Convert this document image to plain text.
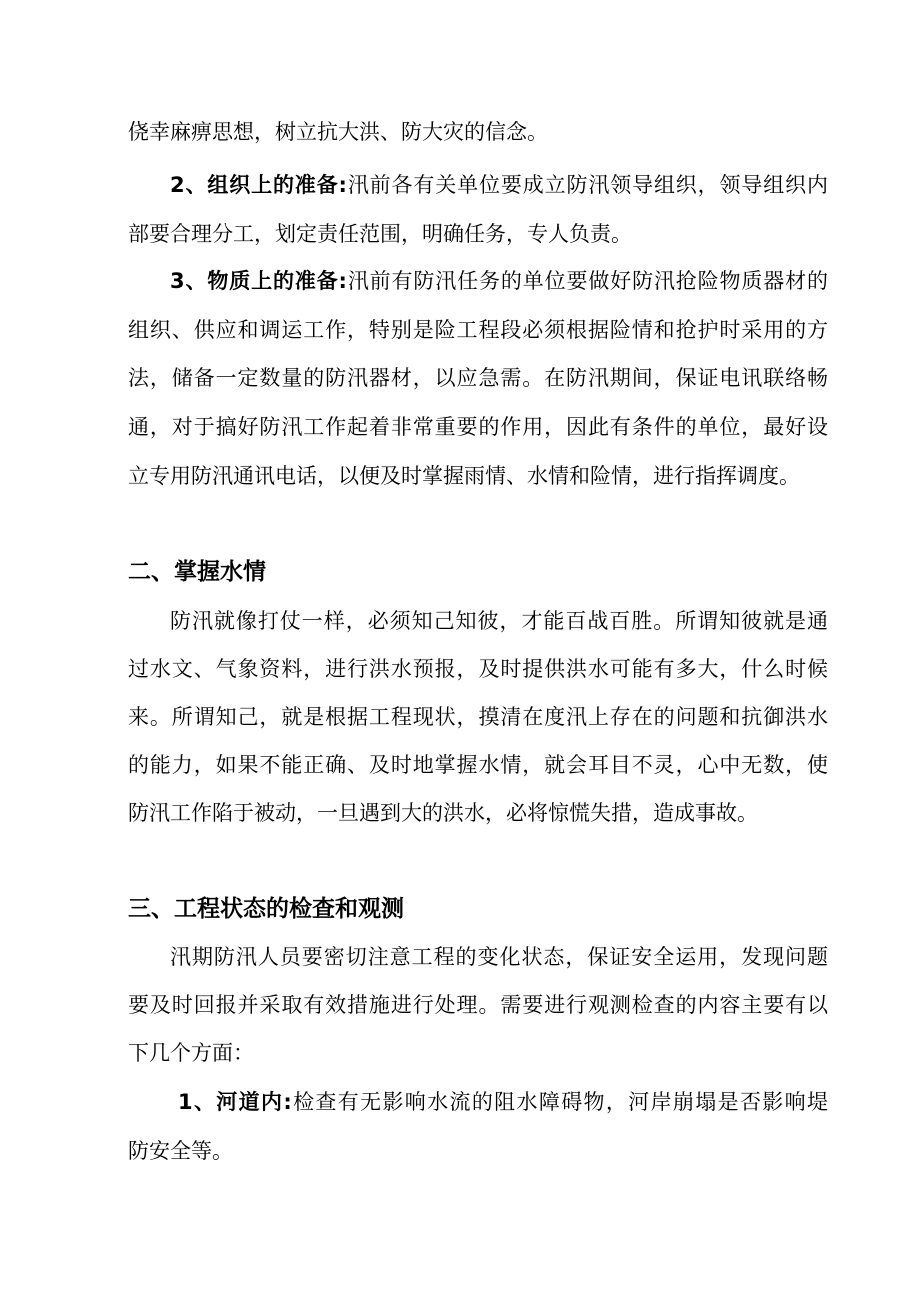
侥幸麻痹思想，树立抗大洪、防大灾的信念。
2、组织上的准备:汛前各有关单位要成立防汛领导组织，领导组织内
部要合理分工，划定责任范围，明确任务，专人负责。
3、物质上的准备:汛前有防汛任务的单位要做好防汛抢险物质器材的
组织、供应和调运工作，特别是险工程段必须根据险情和抢护时采用的方
法，储备一定数量的防汛器材，以应急需。在防汛期间，保证电讯联络畅
通，对于搞好防汛工作起着非常重要的作用，因此有条件的单位，最好设
立专用防汛通讯电话，以便及时掌握雨情、水情和险情，进行指挥调度。
二、掌握水情
防汛就像打仗一样，必须知己知彼，才能百战百胜。所谓知彼就是通
过水文、气象资料，进行洪水预报，及时提供洪水可能有多大，什么时候
来。所谓知己，就是根据工程现状，摸清在度汛上存在的问题和抗御洪水
的能力，如果不能正确、及时地掌握水情，就会耳目不灵，心中无数，使
防汛工作陷于被动，一旦遇到大的洪水，必将惊慌失措，造成事故。
三、工程状态的检查和观测
汛期防汛人员要密切注意工程的变化状态，保证安全运用，发现问题
要及时回报并采取有效措施进行处理。需要进行观测检查的内容主要有以
下几个方面：
1、河道内:检查有无影响水流的阻水障碍物，河岸崩塌是否影响堤
防安全等。
